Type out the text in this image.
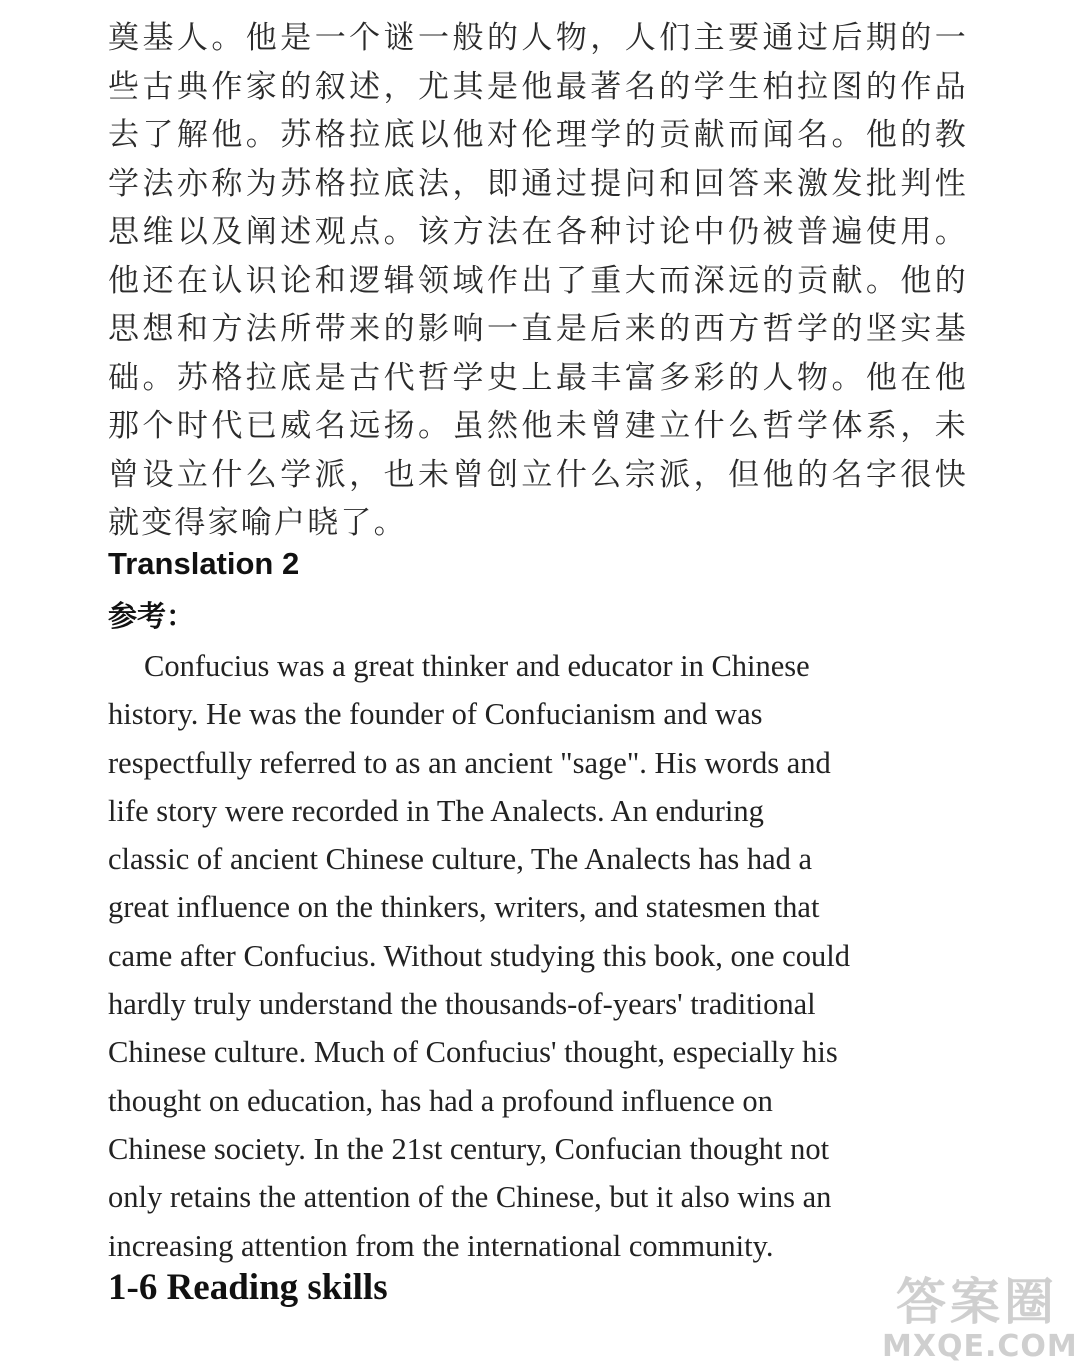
奠基人。他是一个谜一般的人物，人们主要通过后期的一些古典作家的叙述，尤其是他最著名的学生柏拉图的作品去了解他。苏格拉底以他对伦理学的贡献而闻名。他的教学法亦称为苏格拉底法，即通过提问和回答来激发批判性思维以及阐述观点。该方法在各种讨论中仍被普遍使用。他还在认识论和逻辑领域作出了重大而深远的贡献。他的思想和方法所带来的影响一直是后来的西方哲学的坚实基础。苏格拉底是古代哲学史上最丰富多彩的人物。他在他那个时代已威名远扬。虽然他未曾建立什么哲学体系，未曾设立什么学派，也未曾创立什么宗派，但他的名字很快就变得家喻户晓了。

Translation 2
参考：

Confucius was a great thinker and educator in Chinese
history. He was the founder of Confucianism and was
respectfully referred to as an ancient "sage". His words and
life story were recorded in The Analects. An enduring
classic of ancient Chinese culture, The Analects has had a
great influence on the thinkers, writers, and statesmen that
came after Confucius. Without studying this book, one could
hardly truly understand the thousands-of-years' traditional
Chinese culture. Much of Confucius' thought, especially his
thought on education, has had a profound influence on
Chinese society. In the 21st century, Confucian thought not
only retains the attention of the Chinese, but it also wins an
increasing attention from the international community.

1-6 Reading skills	答案圈
MXQE.COM
